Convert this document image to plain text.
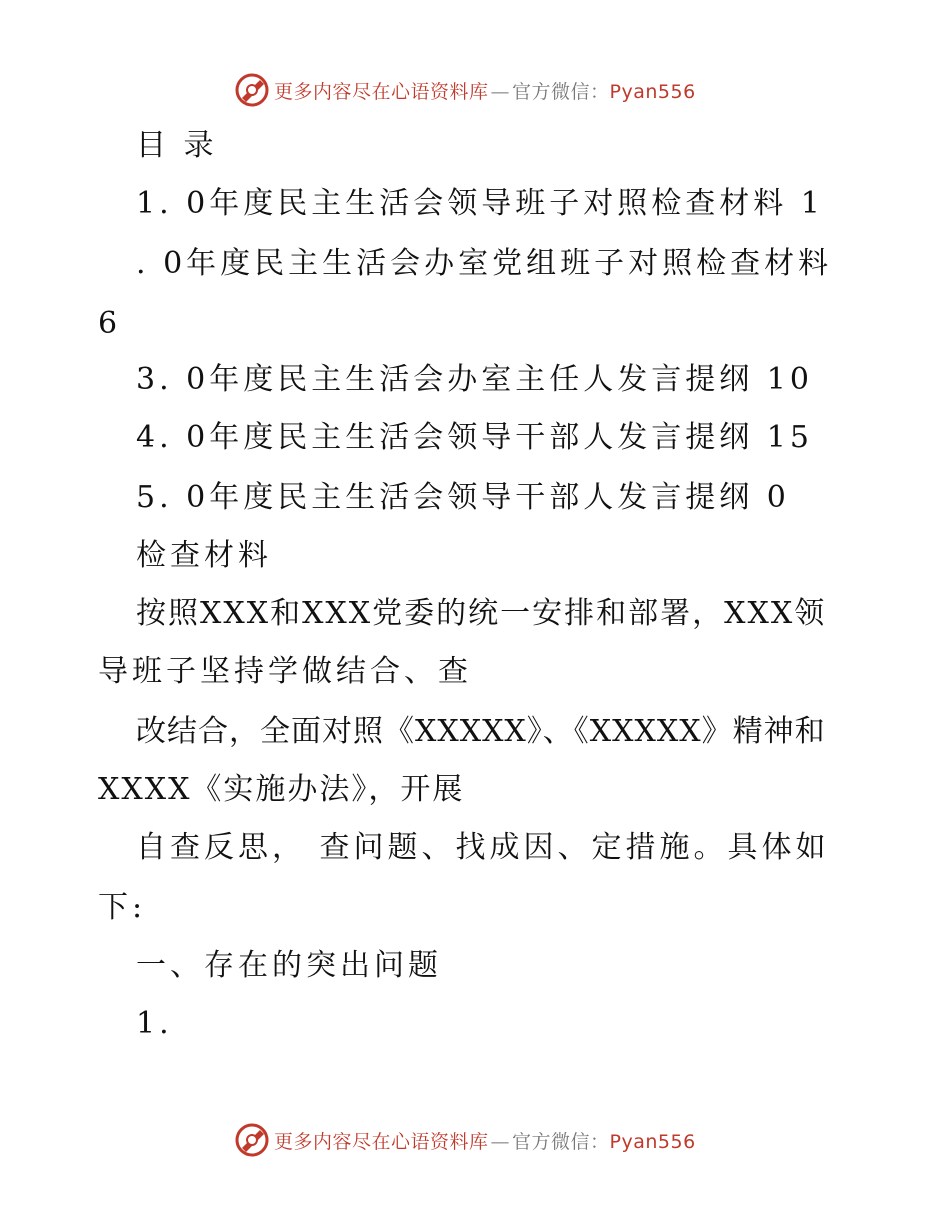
更多内容尽在心语资料库 — 官方微信：Pyan556
目 录
1. 0年度民主生活会领导班子对照检查材料 1
. 0年度民主生活会办室党组班子对照检查材料
6
3. 0年度民主生活会办室主任人发言提纲 10
4. 0年度民主生活会领导干部人发言提纲 15
5. 0年度民主生活会领导干部人发言提纲 0
检查材料
按照XXX和XXX党委的统一安排和部署，XXX领
导班子坚持学做结合、查
改结合，全面对照《XXXXX》、《XXXXX》精神和
XXXX《实施办法》，开展
自查反思， 查问题、找成因、定措施。具体如
下:
一、存在的突出问题
1.
更多内容尽在心语资料库 — 官方微信：Pyan556
